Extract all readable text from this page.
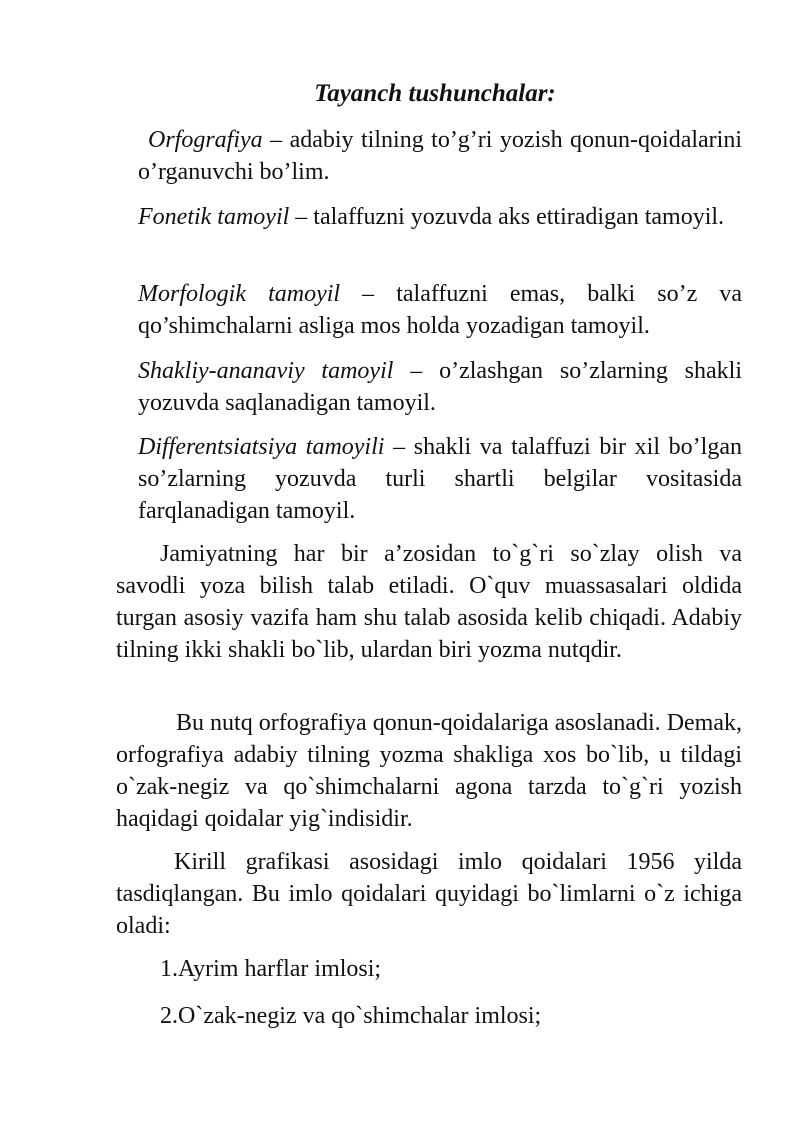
Tayanch tushunchalar:

Orfografiya – adabiy tilning to’g’ri yozish qonun-qoidalarini o’rganuvchi bo’lim.

Fonetik tamoyil – talaffuzni yozuvda aks ettiradigan tamoyil.

Morfologik tamoyil – talaffuzni emas, balki so’z va qo’shimchalarni asliga mos holda yozadigan tamoyil.

Shakliy-ananaviy tamoyil – o’zlashgan so’zlarning shakli yozuvda saqlanadigan tamoyil.

Differentsiatsiya tamoyili – shakli va talaffuzi bir xil bo’lgan so’zlarning yozuvda turli shartli belgilar vositasida farqlanadigan tamoyil.

Jamiyatning har bir a’zosidan to`g`ri so`zlay olish va savodli yoza bilish talab etiladi. O`quv muassasalari oldida turgan asosiy vazifa ham shu talab asosida kelib chiqadi. Adabiy tilning ikki shakli bo`lib, ulardan biri yozma nutqdir.

Bu nutq orfografiya qonun-qoidalariga asoslanadi. Demak, orfografiya adabiy tilning yozma shakliga xos bo`lib, u tildagi o`zak-negiz va qo`shimchalarni agona tarzda to`g`ri yozish haqidagi qoidalar yig`indisidir.

Kirill grafikasi asosidagi imlo qoidalari 1956 yilda tasdiqlangan. Bu imlo qoidalari quyidagi bo`limlarni o`z ichiga oladi:

1.Ayrim harflar imlosi;

2.O`zak-negiz va qo`shimchalar imlosi;
